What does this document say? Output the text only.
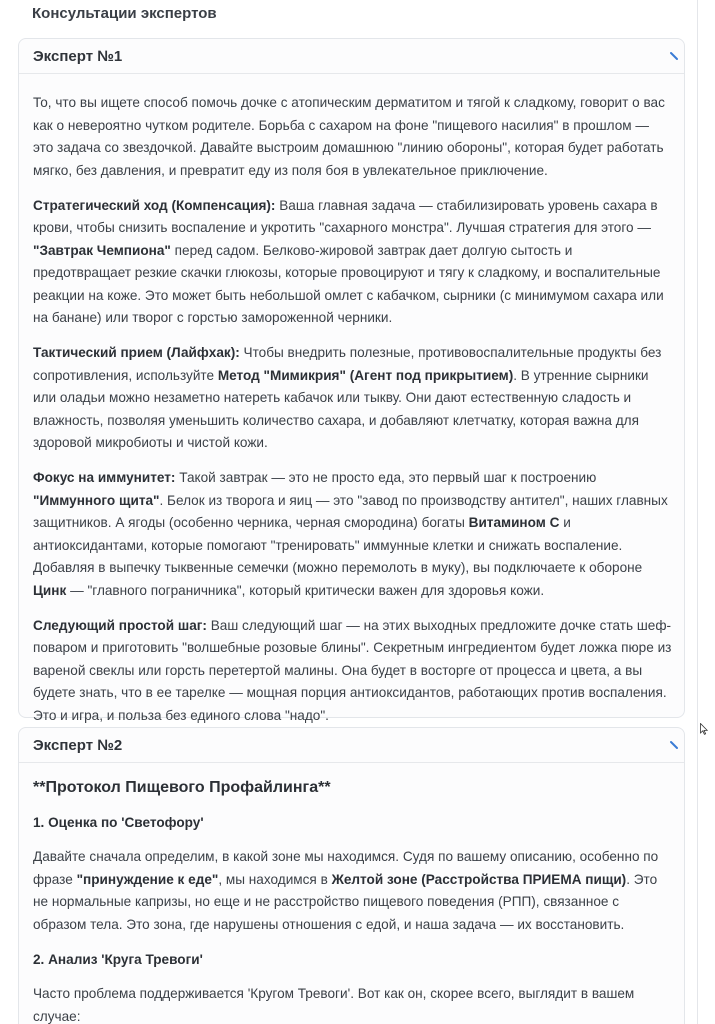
Консультации экспертов
Эксперт №1

То, что вы ищете способ помочь дочке с атопическим дерматитом и тягой к сладкому, говорит о вас как о невероятно чутком родителе. Борьба с сахаром на фоне "пищевого насилия" в прошлом — это задача со звездочкой. Давайте выстроим домашнюю "линию обороны", которая будет работать мягко, без давления, и превратит еду из поля боя в увлекательное приключение.

Стратегический ход (Компенсация): Ваша главная задача — стабилизировать уровень сахара в крови, чтобы снизить воспаление и укротить "сахарного монстра". Лучшая стратегия для этого — "Завтрак Чемпиона" перед садом. Белково-жировой завтрак дает долгую сытость и предотвращает резкие скачки глюкозы, которые провоцируют и тягу к сладкому, и воспалительные реакции на коже. Это может быть небольшой омлет с кабачком, сырники (с минимумом сахара или на банане) или творог с горстью замороженной черники.

Тактический прием (Лайфхак): Чтобы внедрить полезные, противовоспалительные продукты без сопротивления, используйте Метод "Мимикрия" (Агент под прикрытием). В утренние сырники или оладьи можно незаметно натереть кабачок или тыкву. Они дают естественную сладость и влажность, позволяя уменьшить количество сахара, и добавляют клетчатку, которая важна для здоровой микробиоты и чистой кожи.

Фокус на иммунитет: Такой завтрак — это не просто еда, это первый шаг к построению "Иммунного щита". Белок из творога и яиц — это "завод по производству антител", наших главных защитников. А ягоды (особенно черника, черная смородина) богаты Витамином С и антиоксидантами, которые помогают "тренировать" иммунные клетки и снижать воспаление. Добавляя в выпечку тыквенные семечки (можно перемолоть в муку), вы подключаете к обороне Цинк — "главного пограничника", который критически важен для здоровья кожи.

Следующий простой шаг: Ваш следующий шаг — на этих выходных предложите дочке стать шеф-поваром и приготовить "волшебные розовые блины". Секретным ингредиентом будет ложка пюре из вареной свеклы или горсть перетертой малины. Она будет в восторге от процесса и цвета, а вы будете знать, что в ее тарелке — мощная порция антиоксидантов, работающих против воспаления. Это и игра, и польза без единого слова "надо".

Эксперт №2

**Протокол Пищевого Профайлинга**

1. Оценка по 'Светофору'

Давайте сначала определим, в какой зоне мы находимся. Судя по вашему описанию, особенно по фразе "принуждение к еде", мы находимся в Желтой зоне (Расстройства ПРИЕМА пищи). Это не нормальные капризы, но еще и не расстройство пищевого поведения (РПП), связанное с образом тела. Это зона, где нарушены отношения с едой, и наша задача — их восстановить.

2. Анализ 'Круга Тревоги'

Часто проблема поддерживается 'Кругом Тревоги'. Вот как он, скорее всего, выглядит в вашем случае:
